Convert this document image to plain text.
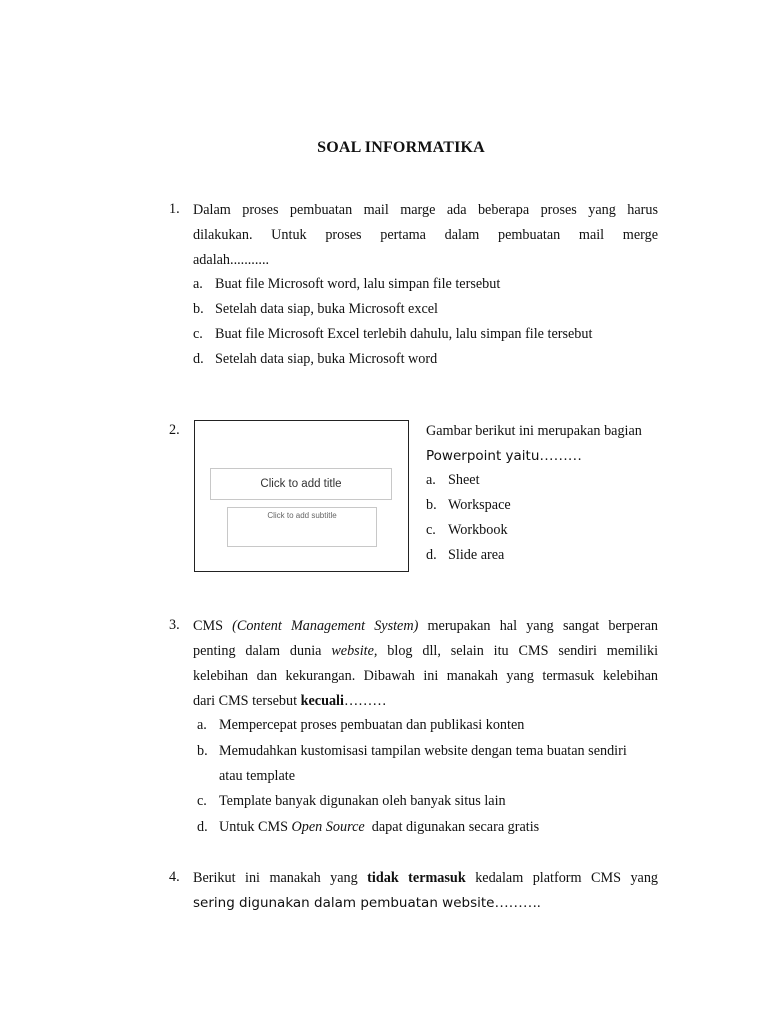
SOAL INFORMATIKA
1. Dalam proses pembuatan mail marge ada beberapa proses yang harus
dilakukan. Untuk proses pertama dalam pembuatan mail merge
adalah...........
a. Buat file Microsoft word, lalu simpan file tersebut
b. Setelah data siap, buka Microsoft excel
c. Buat file Microsoft Excel terlebih dahulu, lalu simpan file tersebut
d. Setelah data siap, buka Microsoft word
2.
Click to add title
Click to add subtitle
Gambar berikut ini merupakan bagian
Powerpoint yaitu………
a. Sheet
b. Workspace
c. Workbook
d. Slide area
3. CMS (Content Management System) merupakan hal yang sangat berperan
penting dalam dunia website, blog dll, selain itu CMS sendiri memiliki
kelebihan dan kekurangan. Dibawah ini manakah yang termasuk kelebihan
dari CMS tersebut kecuali………
a. Mempercepat proses pembuatan dan publikasi konten
b. Memudahkan kustomisasi tampilan website dengan tema buatan sendiri
atau template
c. Template banyak digunakan oleh banyak situs lain
d. Untuk CMS Open Source dapat digunakan secara gratis
4. Berikut ini manakah yang tidak termasuk kedalam platform CMS yang
sering digunakan dalam pembuatan website……….
